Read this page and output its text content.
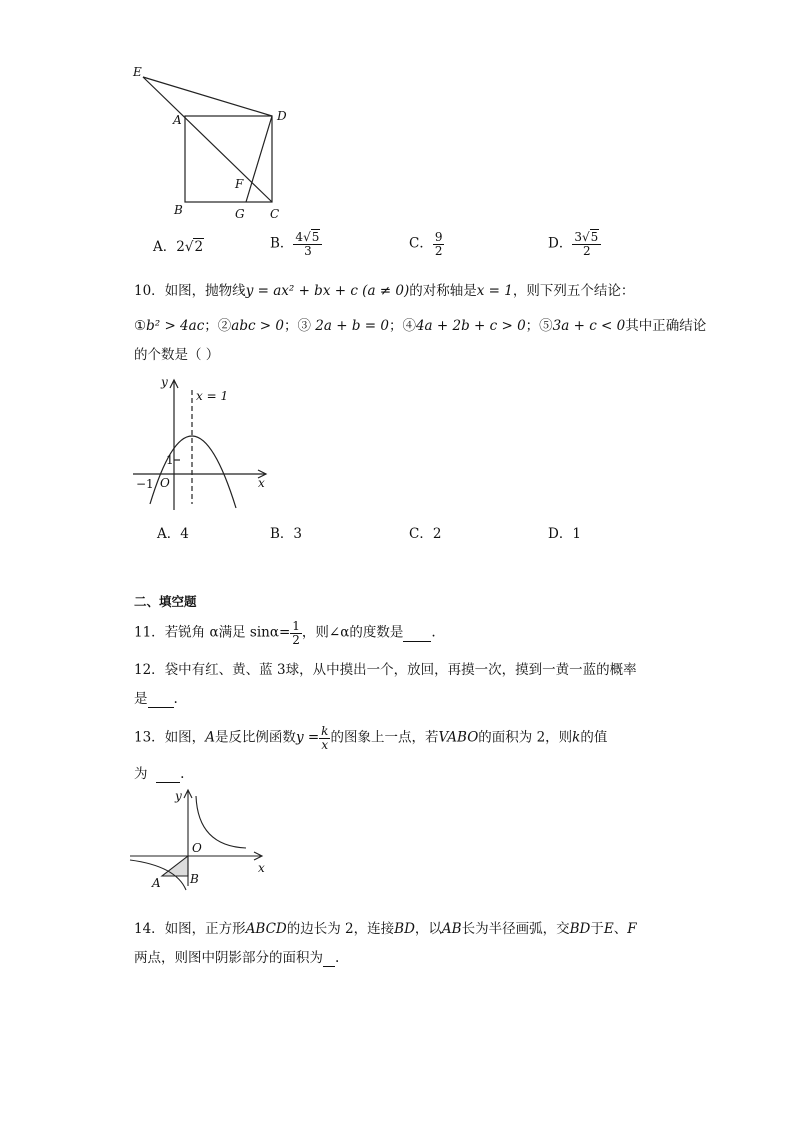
E
A	D
F
B	G C
A．2√2	B． $\frac{4√5}{3}$	C． $\frac{9}{2}$	D． $\frac{3√5}{2}$
10．如图，抛物线y = ax² + bx + c (a ≠ 0)的对称轴是x = 1，则下列五个结论：
①b² > 4ac；②abc > 0；③ 2a + b = 0；④4a + 2b + c > 0；⑤3a + c < 0其中正确结论
的个数是（ ）
y
x
x = 1
1
−1 O
A．4	B．3	C．2	D．1
二、填空题
11．若锐角 α满足 $\sin\alpha= \frac{1}{2}$ ，则∠α的度数是 .
12．袋中有红、黄、蓝 3球，从中摸出一个，放回，再摸一次，摸到一黄一蓝的概率
是 .
13．如图，A是反比例函数$y = \frac{k}{x}$ 的图象上一点，若VABO的面积为 2，则k的值
为 .
y
x
O
A B
14．如图，正方形ABCD的边长为 2，连接BD，以AB长为半径画弧，交BD于E、F
两点，则图中阴影部分的面积为 .
